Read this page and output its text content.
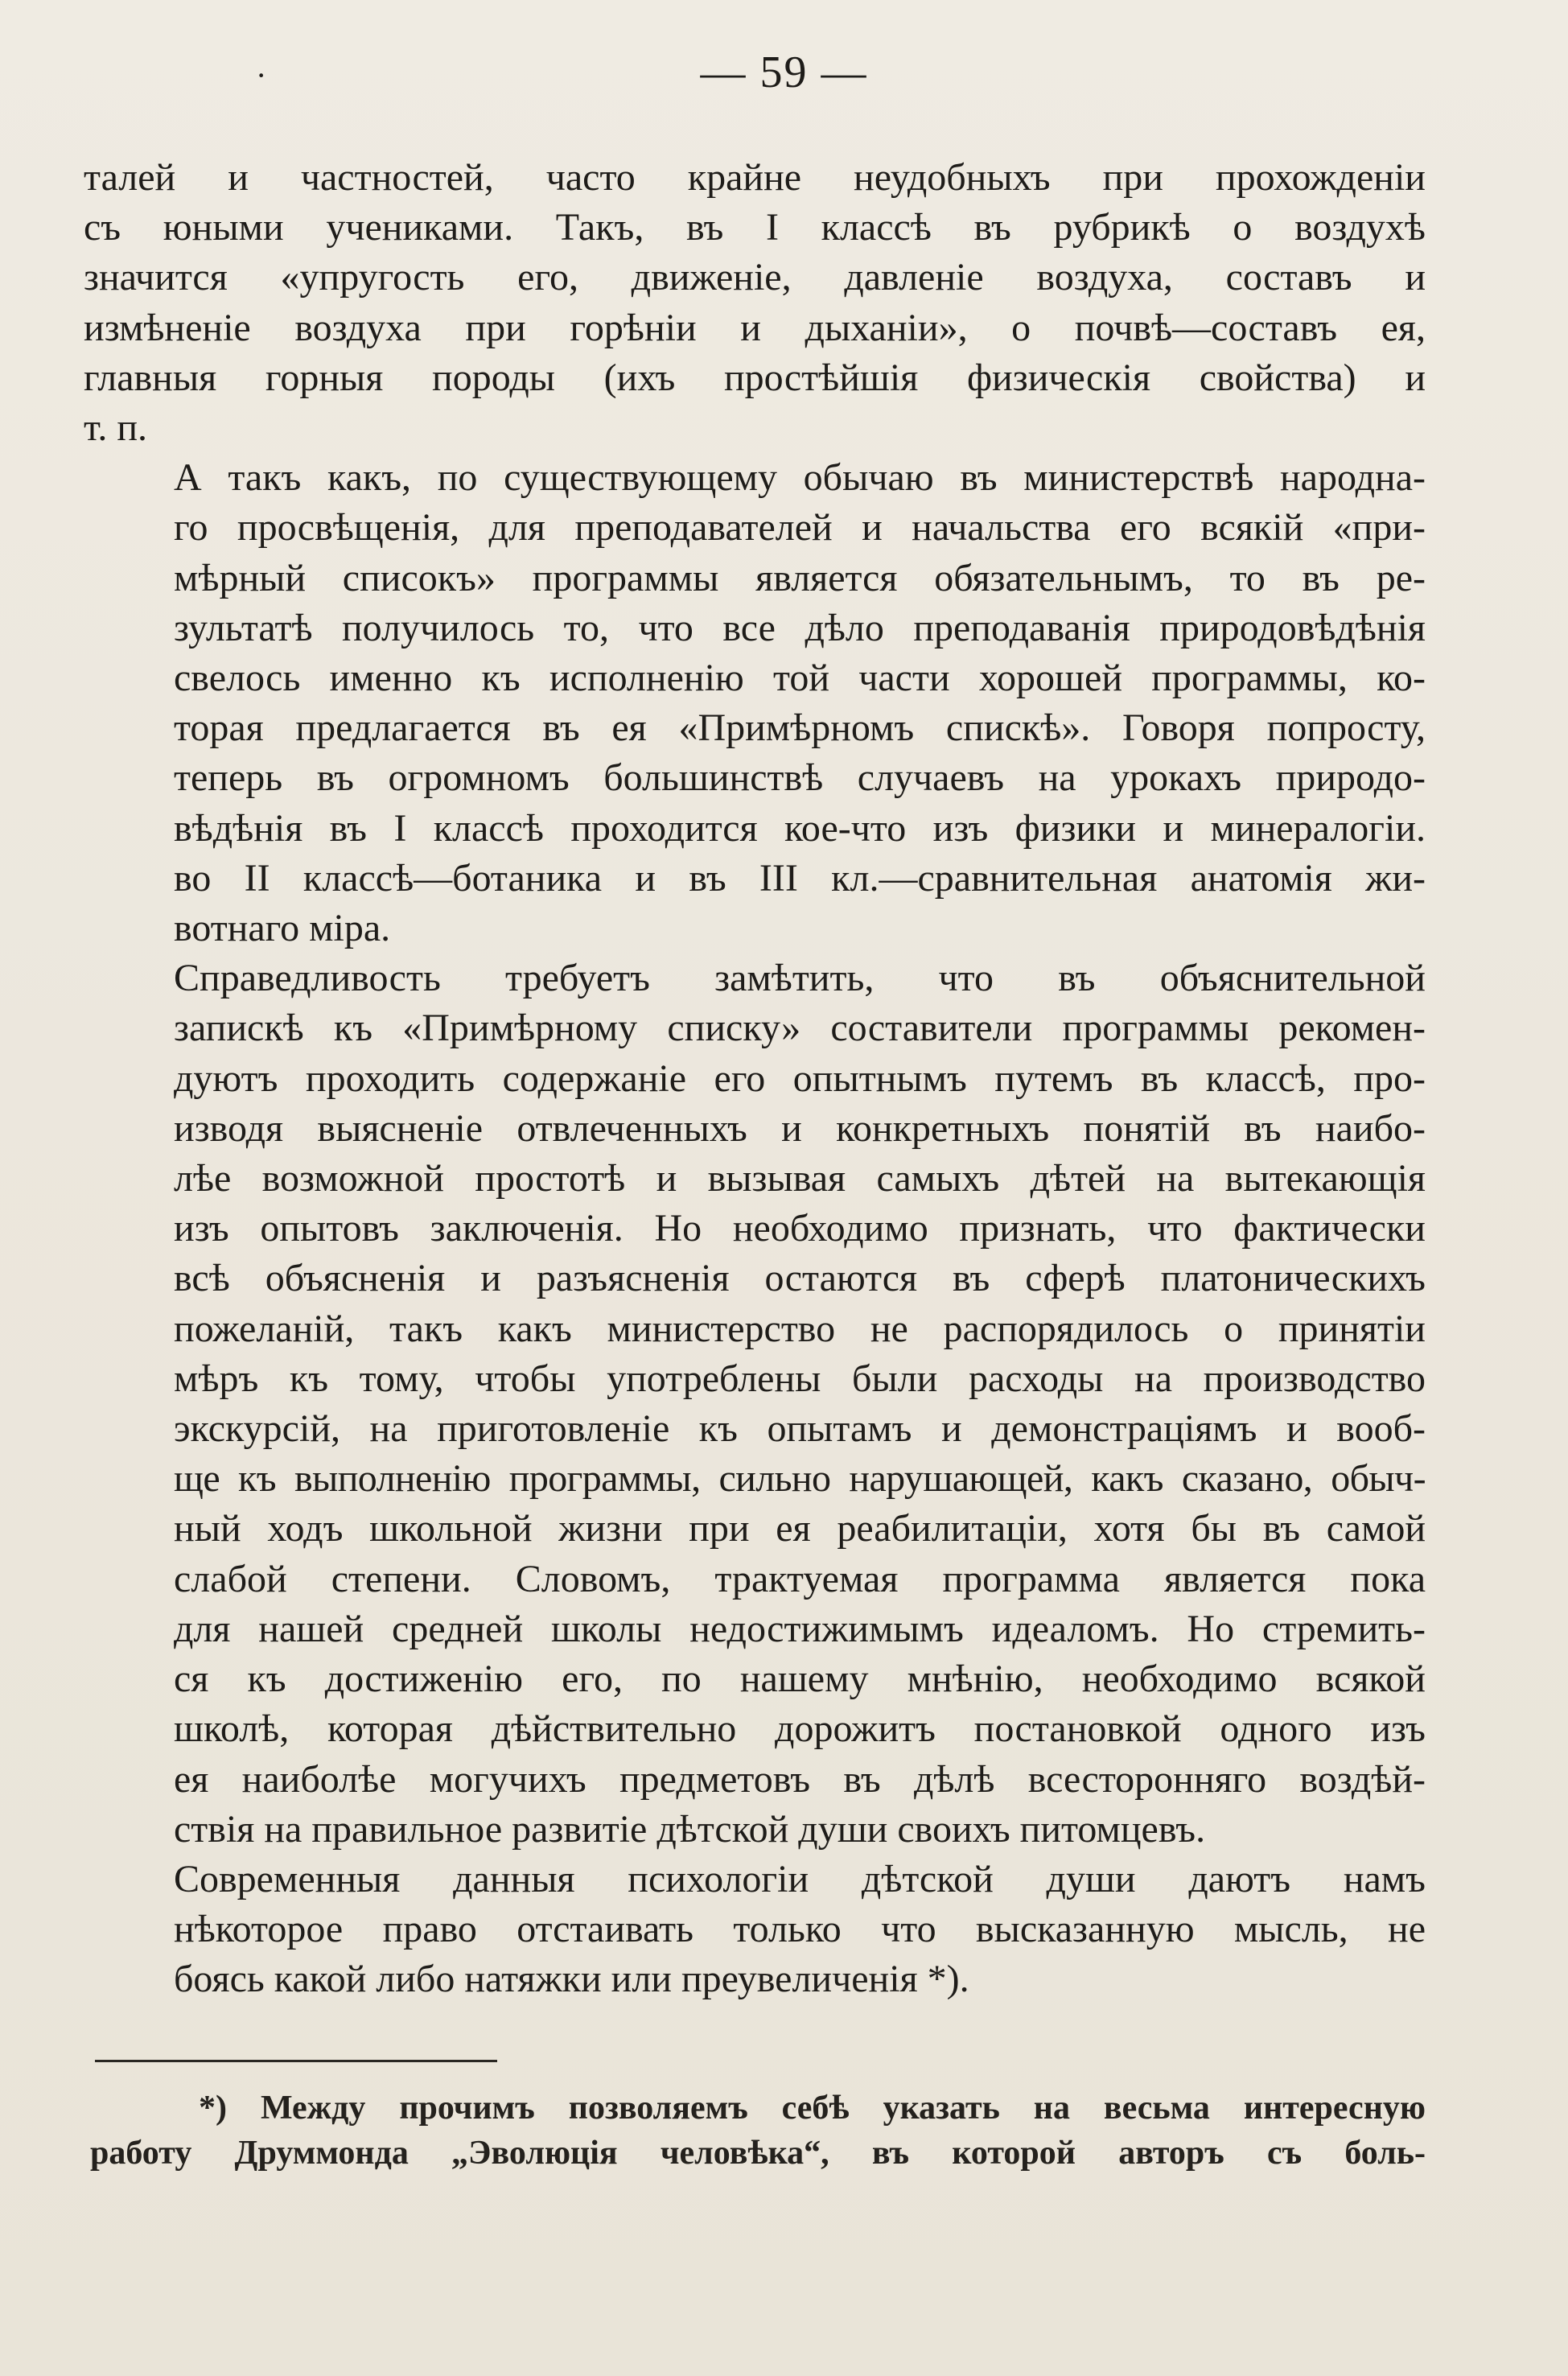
·	— 59 —

талей и частностей, часто крайне неудобныхъ при прохожденіи
съ юными учениками. Такъ, въ I классѣ въ рубрикѣ о воздухѣ
значится «упругость его, движеніе, давленіе воздуха, составъ и
измѣненіе воздуха при горѣніи и дыханіи», о почвѣ—составъ ея,
главныя горныя породы (ихъ простѣйшія физическія свойства) и
т. п.

А такъ какъ, по существующему обычаю въ министерствѣ народна-
го просвѣщенія, для преподавателей и начальства его всякій «при-
мѣрный списокъ» программы является обязательнымъ, то въ ре-
зультатѣ получилось то, что все дѣло преподаванія природовѣдѣнія
свелось именно къ исполненію той части хорошей программы, ко-
торая предлагается въ ея «Примѣрномъ спискѣ». Говоря попросту,
теперь въ огромномъ большинствѣ случаевъ на урокахъ природо-
вѣдѣнія въ I классѣ проходится кое-что изъ физики и минералогіи.
во II классѣ—ботаника и въ III кл.—сравнительная анатомія жи-
вотнаго міра.

Справедливость требуетъ замѣтить, что въ объяснительной
запискѣ къ «Примѣрному списку» составители программы рекомен-
дуютъ проходить содержаніе его опытнымъ путемъ въ классѣ, про-
изводя выясненіе отвлеченныхъ и конкретныхъ понятій въ наибо-
лѣе возможной простотѣ и вызывая самыхъ дѣтей на вытекающія
изъ опытовъ заключенія. Но необходимо признать, что фактически
всѣ объясненія и разъясненія остаются въ сферѣ платоническихъ
пожеланій, такъ какъ министерство не распорядилось о принятіи
мѣръ къ тому, чтобы употреблены были расходы на производство
экскурсій, на приготовленіе къ опытамъ и демонстраціямъ и вооб-
ще къ выполненію программы, сильно нарушающей, какъ сказано, обыч-
ный ходъ школьной жизни при ея реабилитаціи, хотя бы въ самой
слабой степени. Словомъ, трактуемая программа является пока
для нашей средней школы недостижимымъ идеаломъ. Но стремить-
ся къ достиженію его, по нашему мнѣнію, необходимо всякой
школѣ, которая дѣйствительно дорожитъ постановкой одного изъ
ея наиболѣе могучихъ предметовъ въ дѣлѣ всесторонняго воздѣй-
ствія на правильное развитіе дѣтской души своихъ питомцевъ.

Современныя данныя психологіи дѣтской души даютъ намъ
нѣкоторое право отстаивать только что высказанную мысль, не
боясь какой либо натяжки или преувеличенія *).

*) Между прочимъ позволяемъ себѣ указать на весьма интересную
работу Друммонда „Эволюція человѣка“, въ которой авторъ съ боль-
